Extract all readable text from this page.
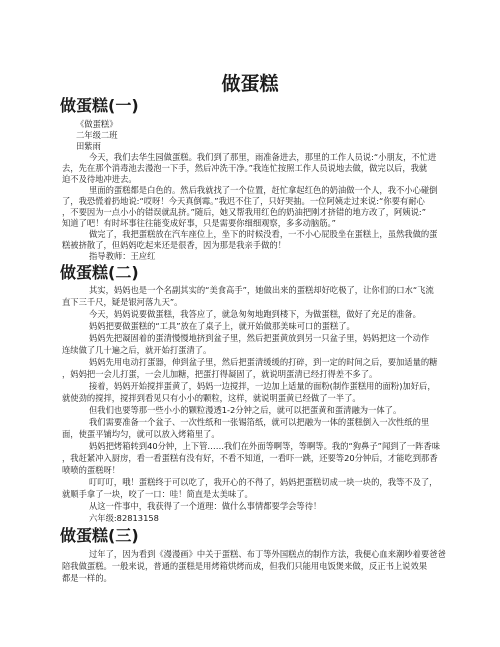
做蛋糕
做蛋糕(一)
《做蛋糕》
二年级二班
田紫雨
今天，我们去华生园做蛋糕。我们到了那里，雨准备进去，那里的工作人员说:“小朋友，不忙进
去，先在那个消毒池去漫泡一下手，然后冲洗干净。”我连忙按照工作人员说地去做，做完以后，我就
迫不及待地冲进去。
里面的蛋糕都是白色的。然后我就找了一个位置，赶忙拿起红色的奶油做一个人，我不小心碰倒
了，我恐慌着扔地说:“哎呀！今天真倒霉。”我迟不住了，只好哭抽。一位阿姨走过来说:“你要有耐心
，不要因为一点小小的错误就乱挤。”随后，她又帮我用红色的奶油把刚才挤错的地方改了，阿姨说:”
知道了吧！有时坏事往往能变成好事，只是需要你细细观察，多多动脑筋。”
做完了，我把蛋糕放在汽车座位上，坐下的时候没看，一不小心屁股坐在蛋糕上，虽然我做的蛋
糕被挤散了，但妈妈吃起来还是很香，因为那是我亲手做的！
指导教师：王应红
做蛋糕(二)
其实，妈妈也是一个名副其实的“美食高手”，她做出来的蛋糕却好吃极了，让你们的口水“飞流
直下三千尺，疑是银河落九天”。
今天，妈妈说要做蛋糕，我答应了，就急匆匆地跑到楼下，为做蛋糕，做好了充足的准备。
妈妈把要做蛋糕的“工具”放在了桌子上，就开始做那美味可口的蛋糕了。
妈妈先把凝固着的蛋清慢慢地挤到盆子里，然后把蛋黄放到另一只盆子里，妈妈把这一个动作
连续做了几十遍之后，就开始打蛋清了。
妈妈先用电动打蛋器，伸到盆子里，然后把蛋清缓缓的打碎，到一定的时间之后，要加适量的糖
，妈妈把一会儿打蛋，一会儿加糖，把蛋打得凝固了，就说明蛋清已经打得差不多了。
接着，妈妈开始搅拌蛋黄了，妈妈一边搅拌，一边加上适量的面粉(制作蛋糕用的面粉)加好后，
就使劲的搅拌，搅拌到看见只有小小的颗粒，这样，就说明蛋黄已经做了一半了。
但我们也要等那一些小小的颗粒漫透1-2分钟之后，就可以把蛋黄和蛋清融为一体了。
我们需要准备一个盆子、一次性纸和一张锡箔纸，就可以把融为一体的蛋糕倒入一次性纸的里
面，使蛋平铺均匀，就可以放入烤箱里了。
妈妈把烤箱转到40分钟，上下管……我们在外面等啊等，等啊等。我的“狗鼻子”闻到了一阵香味
，我赶紧冲入厨房，看一看蛋糕有没有好，不看不知道，一看吓一跳，还要等20分钟后，才能吃到那香
喷喷的蛋糕呀！
叮叮叮，哦！蛋糕终于可以吃了，我开心的不得了，妈妈把蛋糕切成一块一块的，我等不及了，
就顺手拿了一块，咬了一口：哇！简直是太美味了。
从这一件事中，我获得了一个道理：做什么事情都要学会等待！
六年级:82813158
做蛋糕(三)
过年了，因为看到《漫漫画》中关于蛋糕、布丁等外国糕点的制作方法，我便心血来潮吵着要爸爸
陪我做蛋糕。一般来说，普通的蛋糕是用烤箱烘烤而成，但我们只能用电饭煲来做，反正书上说效果
都是一样的。
